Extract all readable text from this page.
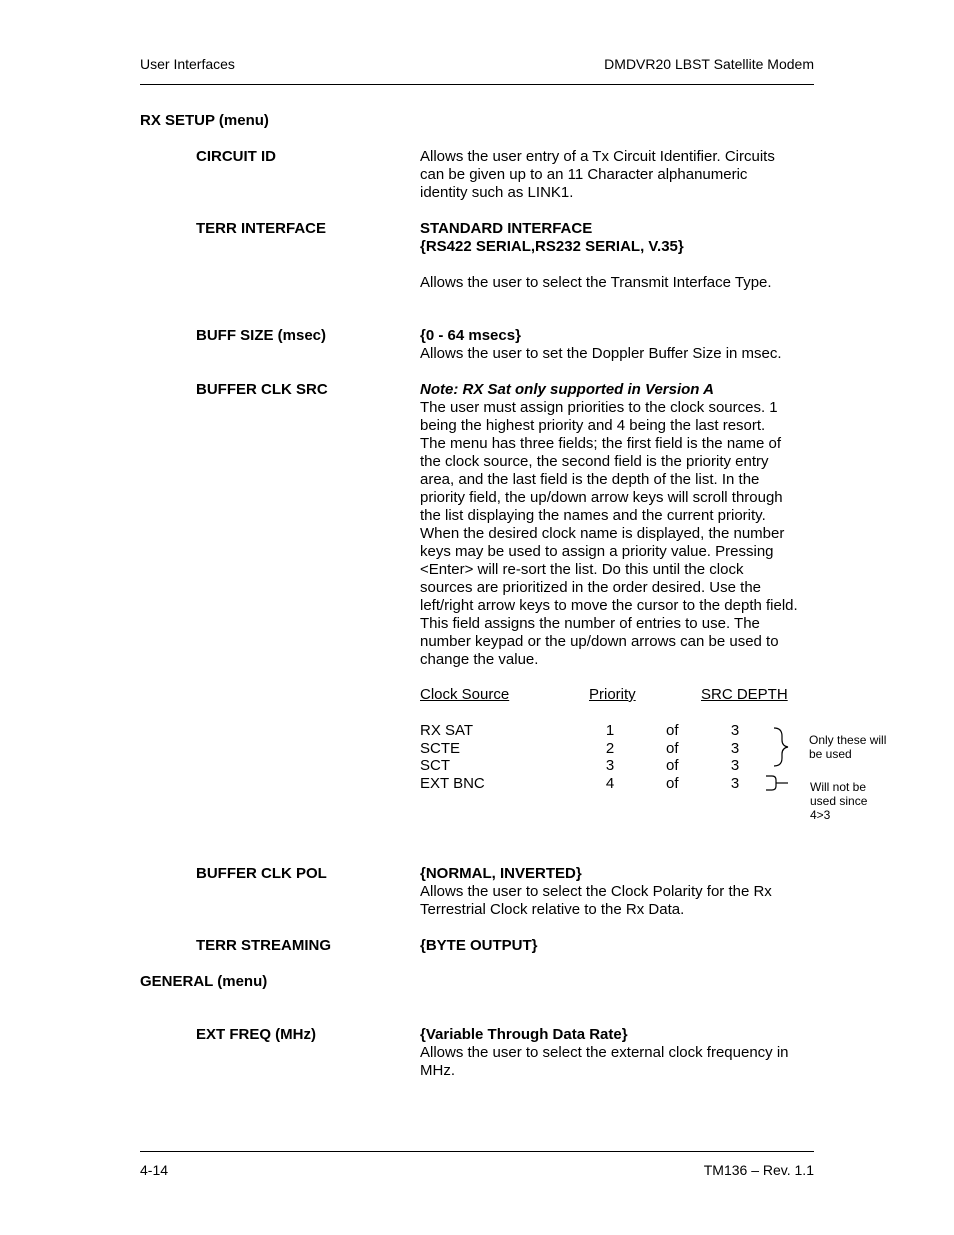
User Interfaces	DMDVR20 LBST Satellite Modem
RX SETUP (menu)
CIRCUIT ID	Allows the user entry of a Tx Circuit Identifier. Circuits
can be given up to an 11 Character alphanumeric
identity such as LINK1.
TERR INTERFACE	STANDARD INTERFACE
{RS422 SERIAL,RS232 SERIAL, V.35}
Allows the user to select the Transmit Interface Type.
BUFF SIZE (msec)	{0 - 64 msecs}
Allows the user to set the Doppler Buffer Size in msec.
BUFFER CLK SRC	Note: RX Sat only supported in Version A
The user must assign priorities to the clock sources. 1
being the highest priority and 4 being the last resort.
The menu has three fields; the first field is the name of
the clock source, the second field is the priority entry
area, and the last field is the depth of the list. In the
priority field, the up/down arrow keys will scroll through
the list displaying the names and the current priority.
When the desired clock name is displayed, the number
keys may be used to assign a priority value. Pressing
<Enter> will re-sort the list. Do this until the clock
sources are prioritized in the order desired. Use the
left/right arrow keys to move the cursor to the depth field.
This field assigns the number of entries to use. The
number keypad or the up/down arrows can be used to
change the value.
Clock Source	Priority	SRC DEPTH
RX SAT	1	of	3
SCTE	2	of	3
SCT	3	of	3
EXT BNC	4	of	3
Only these will
be used
Will not be
used since
4>3
BUFFER CLK POL	{NORMAL, INVERTED}
Allows the user to select the Clock Polarity for the Rx
Terrestrial Clock relative to the Rx Data.
TERR STREAMING	{BYTE OUTPUT}
GENERAL (menu)
EXT FREQ (MHz)	{Variable Through Data Rate}
Allows the user to select the external clock frequency in
MHz.
4-14	TM136 – Rev. 1.1
